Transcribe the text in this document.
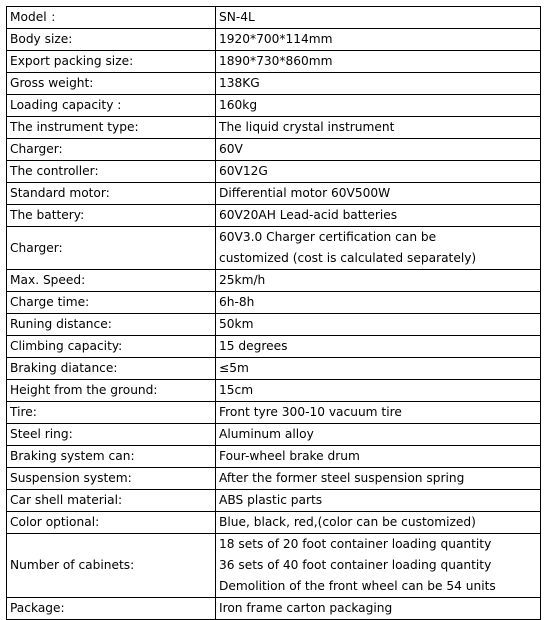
Model ：	SN-4L

Body size:	1920*700*114mm

Export packing size:	1890*730*860mm

Gross weight:	138KG

Loading capacity :	160kg

The instrument type:	The liquid crystal instrument

Charger:	60V

The controller:	60V12G

Standard motor:	Differential motor 60V500W

The battery:	60V20AH Lead-acid batteries

Charger:	60V3.0 Charger certification can be
customized (cost is calculated separately)

Max. Speed:	25km/h

Charge time:	6h-8h

Runing distance:	50km

Climbing capacity:	15 degrees

Braking diatance:	≤5m

Height from the ground:	15cm

Tire:	Front tyre 300-10 vacuum tire

Steel ring:	Aluminum alloy

Braking system can:	Four-wheel brake drum

Suspension system:	After the former steel suspension spring

Car shell material:	ABS plastic parts

Color optional:	Blue, black, red,(color can be customized)

Number of cabinets:	18 sets of 20 foot container loading quantity
36 sets of 40 foot container loading quantity
Demolition of the front wheel can be 54 units

Package:	Iron frame carton packaging
